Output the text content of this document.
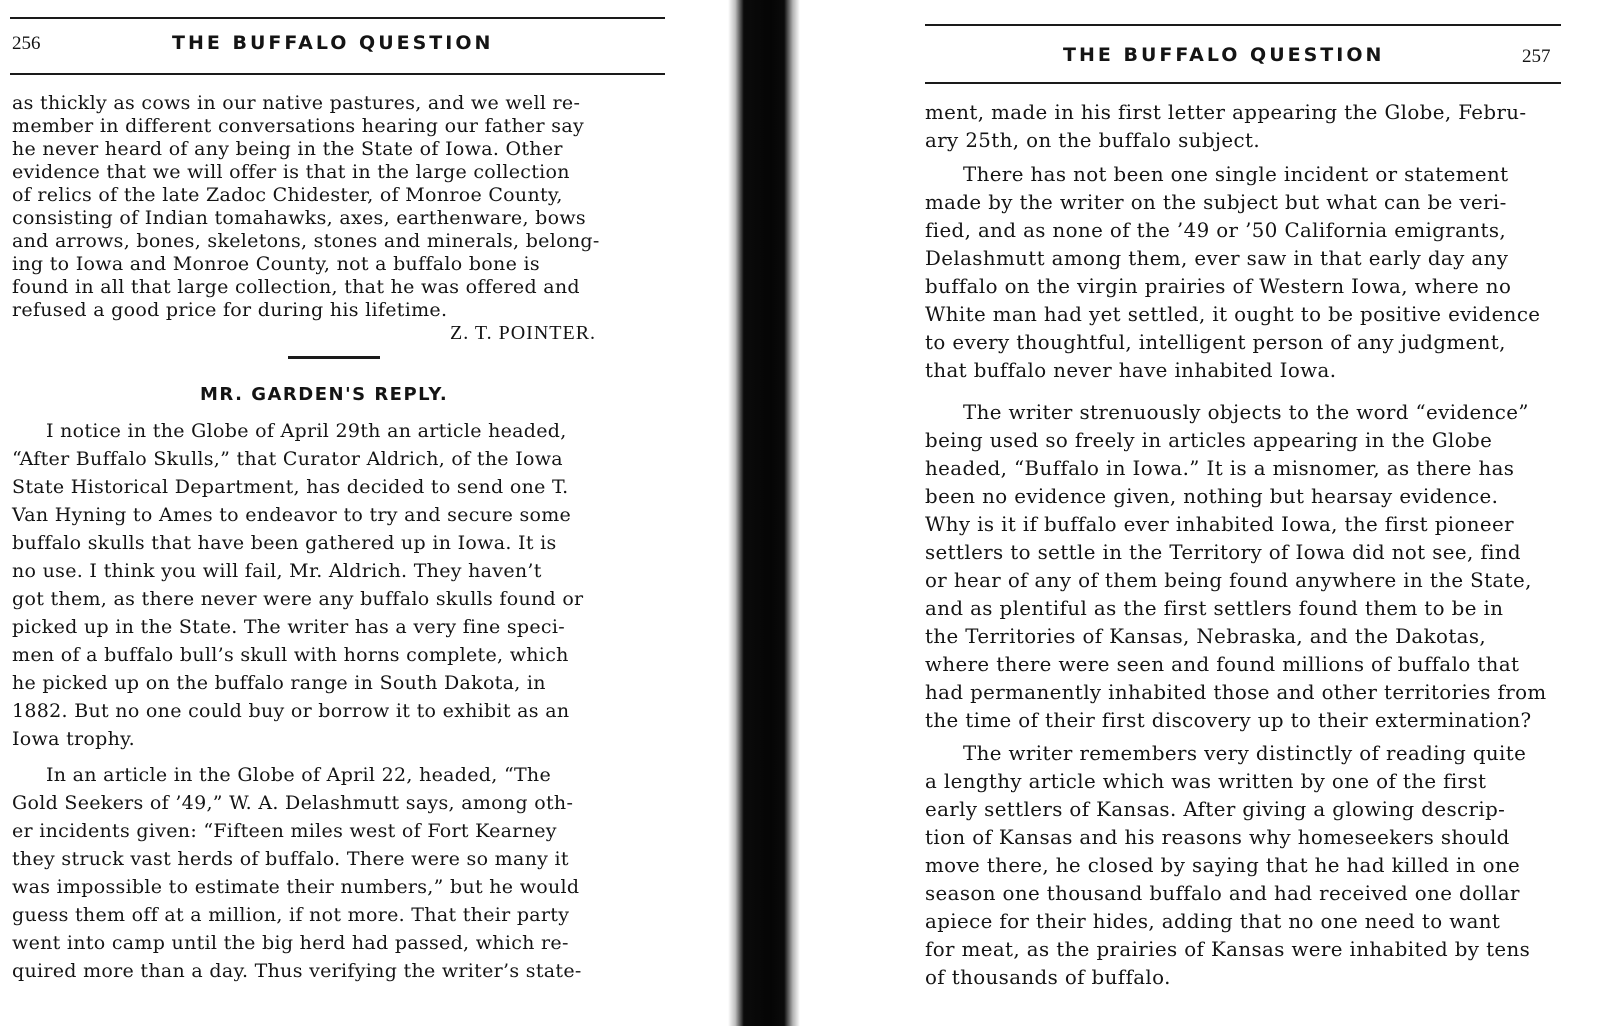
256	THE BUFFALO QUESTION
as thickly as cows in our native pastures, and we well re-
member in different conversations hearing our father say
he never heard of any being in the State of Iowa. Other
evidence that we will offer is that in the large collection
of relics of the late Zadoc Chidester, of Monroe County,
consisting of Indian tomahawks, axes, earthenware, bows
and arrows, bones, skeletons, stones and minerals, belong-
ing to Iowa and Monroe County, not a buffalo bone is
found in all that large collection, that he was offered and
refused a good price for during his lifetime.
Z. T. POINTER.
MR. GARDEN'S REPLY.
I notice in the Globe of April 29th an article headed,
“After Buffalo Skulls,” that Curator Aldrich, of the Iowa
State Historical Department, has decided to send one T.
Van Hyning to Ames to endeavor to try and secure some
buffalo skulls that have been gathered up in Iowa. It is
no use. I think you will fail, Mr. Aldrich. They haven’t
got them, as there never were any buffalo skulls found or
picked up in the State. The writer has a very fine speci-
men of a buffalo bull’s skull with horns complete, which
he picked up on the buffalo range in South Dakota, in
1882. But no one could buy or borrow it to exhibit as an
Iowa trophy.
In an article in the Globe of April 22, headed, “The
Gold Seekers of ’49,” W. A. Delashmutt says, among oth-
er incidents given: “Fifteen miles west of Fort Kearney
they struck vast herds of buffalo. There were so many it
was impossible to estimate their numbers,” but he would
guess them off at a million, if not more. That their party
went into camp until the big herd had passed, which re-
quired more than a day. Thus verifying the writer’s state-
THE BUFFALO QUESTION	257
ment, made in his first letter appearing the Globe, Febru-
ary 25th, on the buffalo subject.
There has not been one single incident or statement
made by the writer on the subject but what can be veri-
fied, and as none of the ’49 or ’50 California emigrants,
Delashmutt among them, ever saw in that early day any
buffalo on the virgin prairies of Western Iowa, where no
White man had yet settled, it ought to be positive evidence
to every thoughtful, intelligent person of any judgment,
that buffalo never have inhabited Iowa.
The writer strenuously objects to the word “evidence”
being used so freely in articles appearing in the Globe
headed, “Buffalo in Iowa.” It is a misnomer, as there has
been no evidence given, nothing but hearsay evidence.
Why is it if buffalo ever inhabited Iowa, the first pioneer
settlers to settle in the Territory of Iowa did not see, find
or hear of any of them being found anywhere in the State,
and as plentiful as the first settlers found them to be in
the Territories of Kansas, Nebraska, and the Dakotas,
where there were seen and found millions of buffalo that
had permanently inhabited those and other territories from
the time of their first discovery up to their extermination?
The writer remembers very distinctly of reading quite
a lengthy article which was written by one of the first
early settlers of Kansas. After giving a glowing descrip-
tion of Kansas and his reasons why homeseekers should
move there, he closed by saying that he had killed in one
season one thousand buffalo and had received one dollar
apiece for their hides, adding that no one need to want
for meat, as the prairies of Kansas were inhabited by tens
of thousands of buffalo.
